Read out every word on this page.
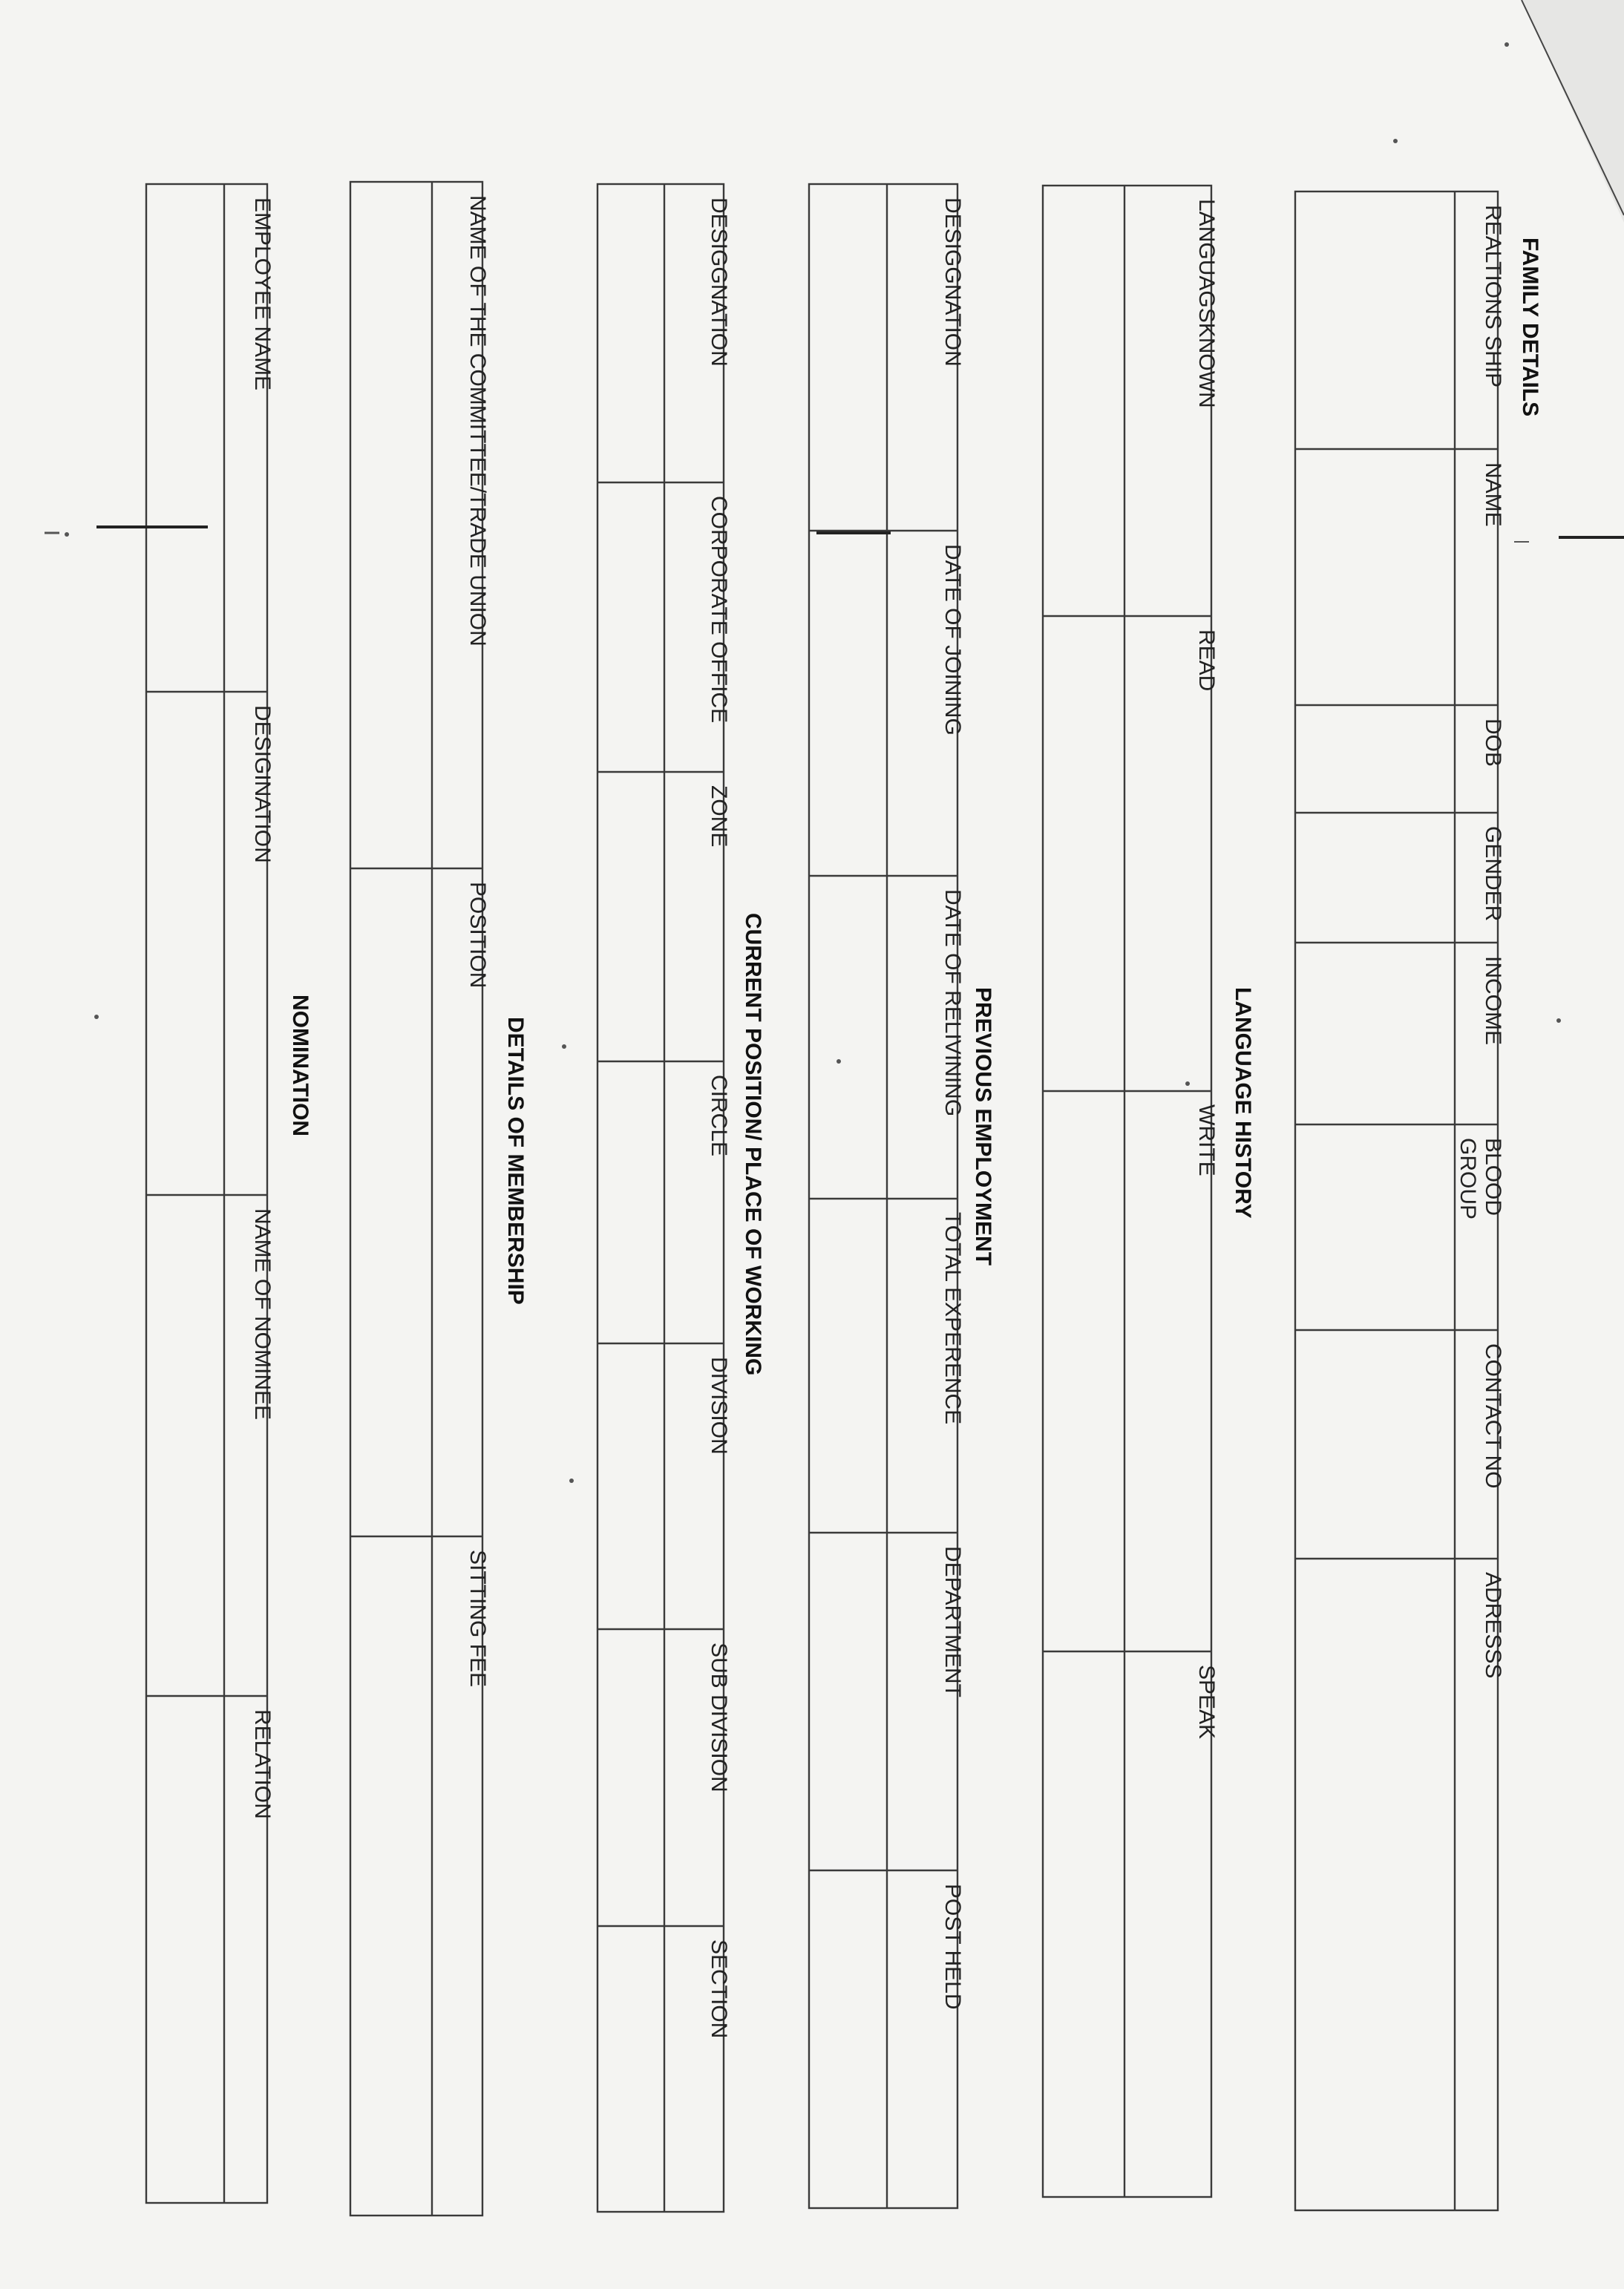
FAMILY DETAILS
REALTIONS SHIP
NAME
DOB
GENDER
INCOME
BLOODGROUP
CONTACT NO
ADRESSS
LANGUAGE HISTORY
LANGUAGSKNOWN
READ
WRITE
SPEAK
PREVIOUS EMPLOYMENT
DESIGGNATION
DATE OF JOINING
DATE OF RELIVINING
TOTAL EXPERENCE
DEPARTMENT
POST HELD
CURRENT POSITION/ PLACE OF WORKING
DESIGGNATION
CORPORATE OFFICE
ZONE
CIRCLE
DIVISION
SUB DIVISION
SECTION
DETAILS OF MEMBERSHIP
NAME OF THE COMMITTEE/TRADE UNION
POSITION
SITTING FEE
NOMINATION
EMPLOYEE NAME
DESIGINATION
NAME OF NOMINEE
RELATION
